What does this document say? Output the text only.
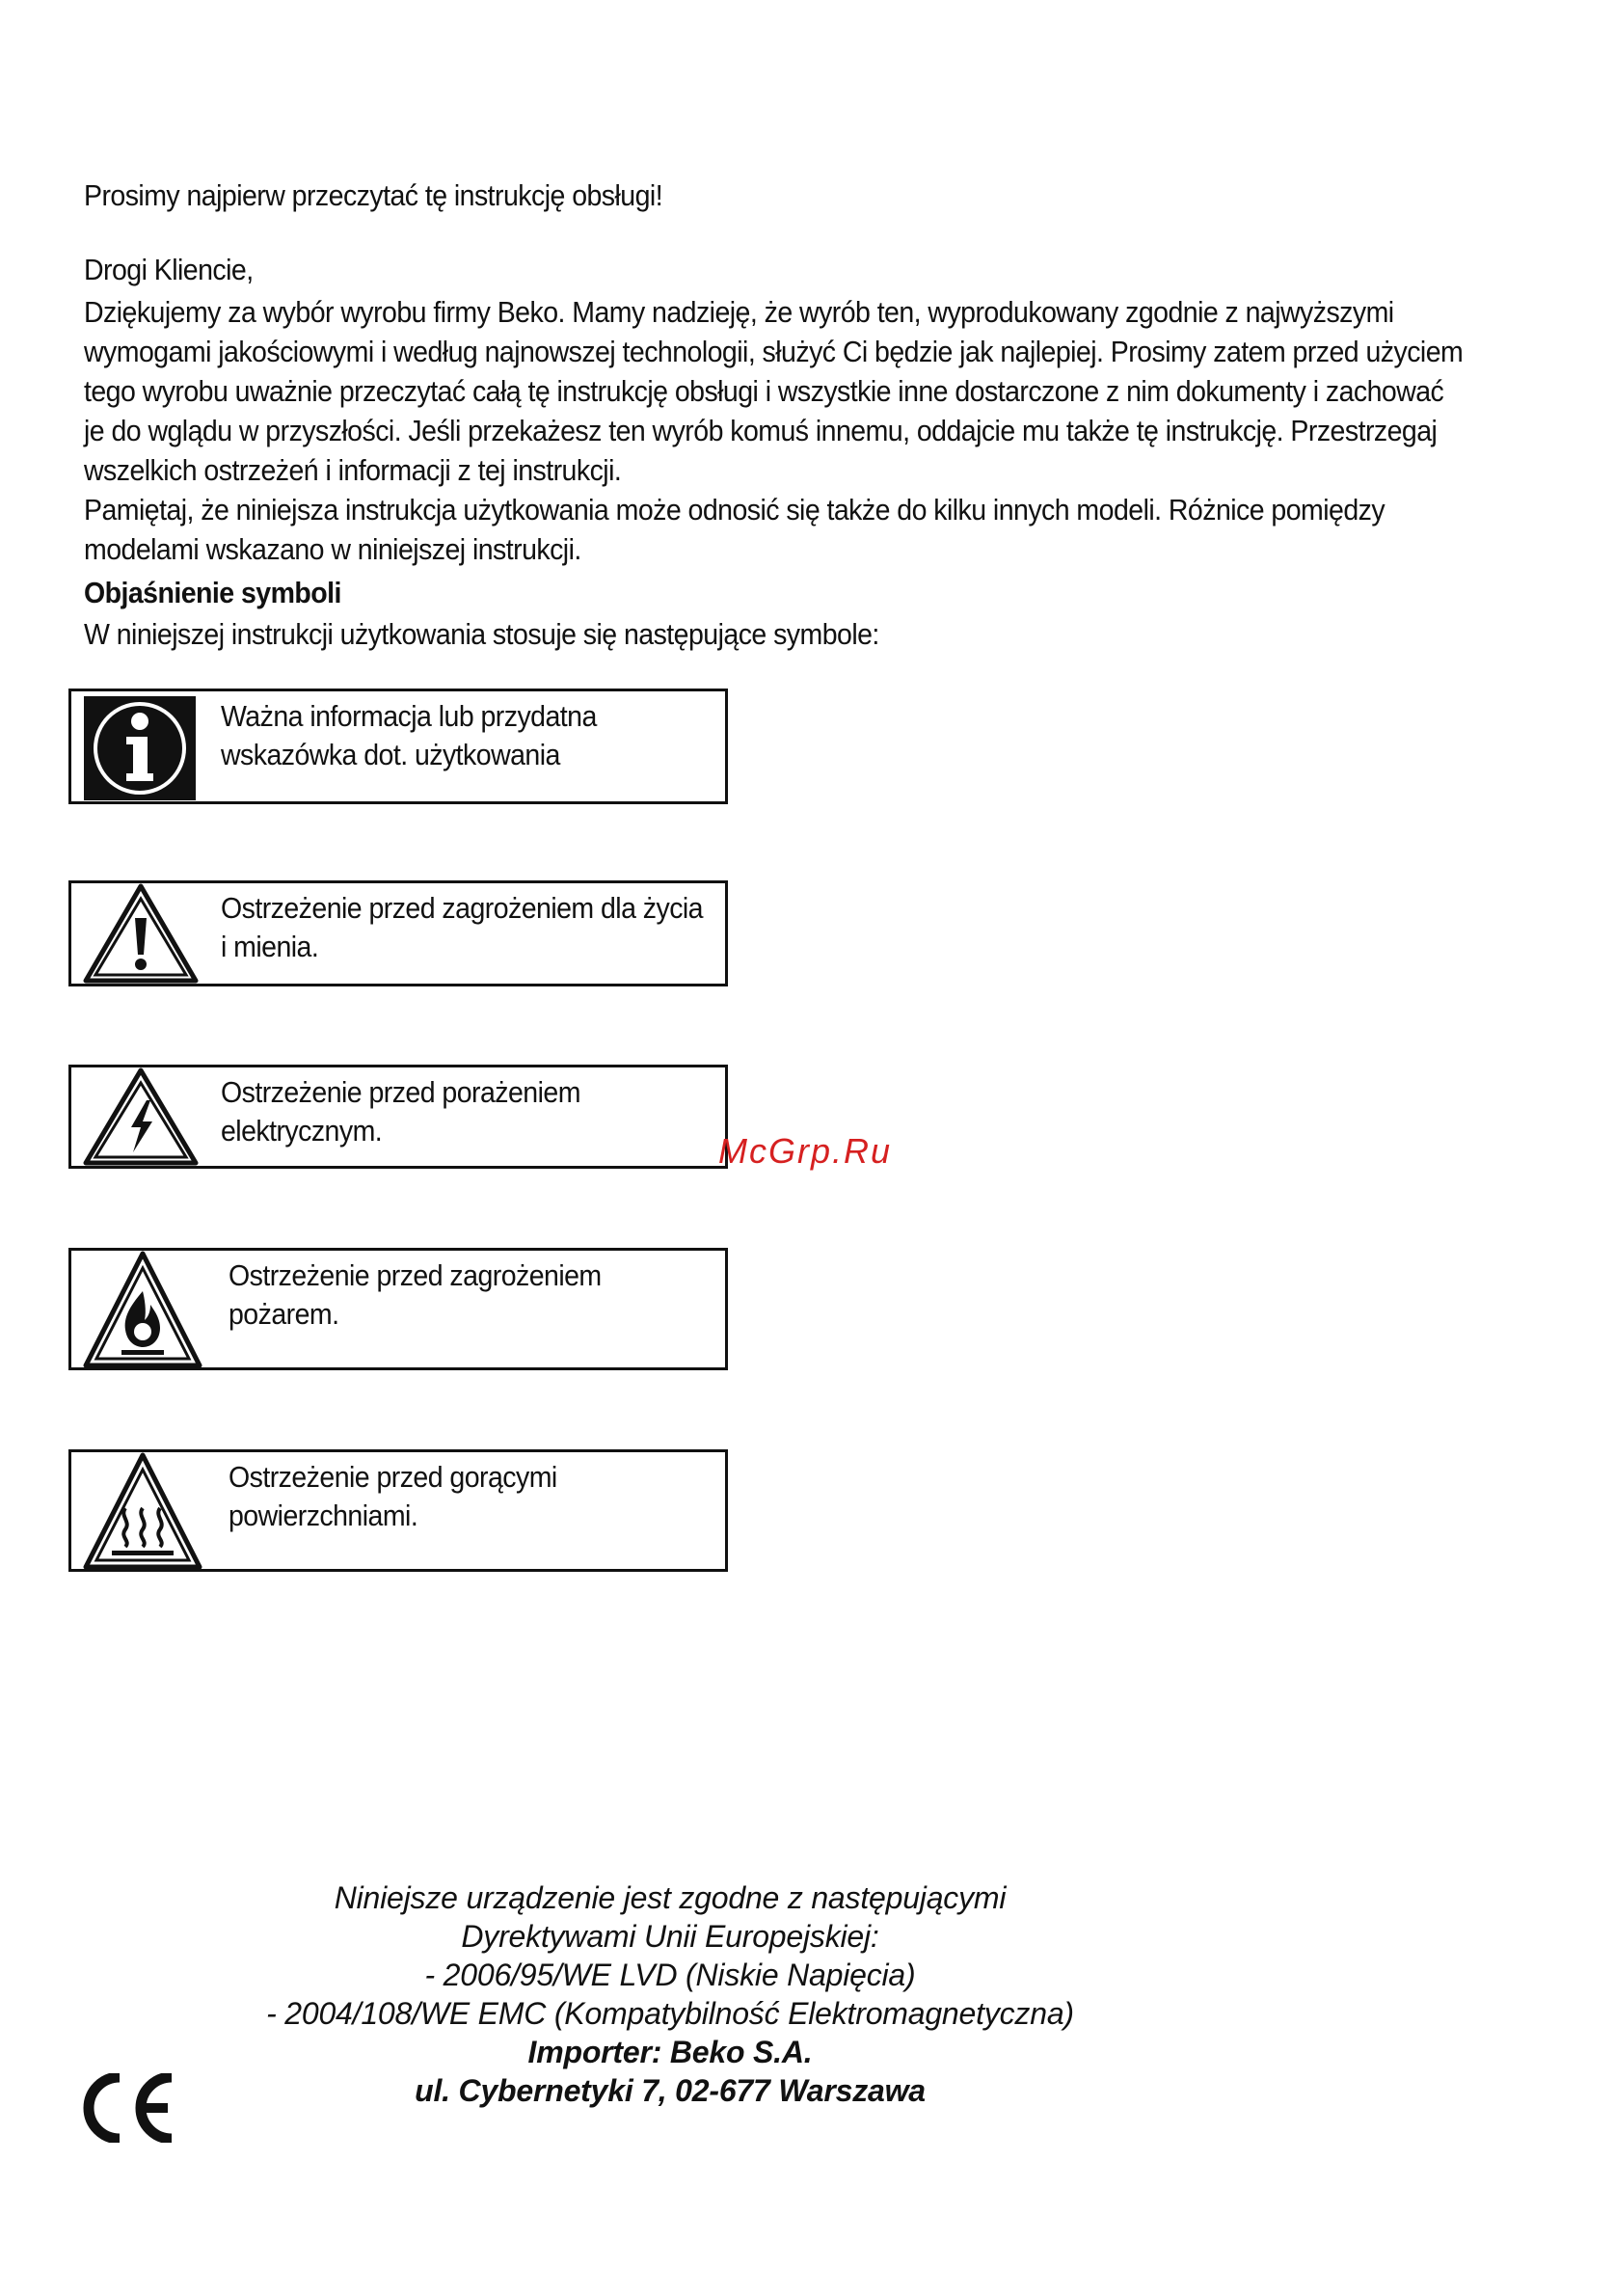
Prosimy najpierw przeczytać tę instrukcję obsługi!
Drogi Kliencie,

Dziękujemy za wybór wyrobu firmy Beko. Mamy nadzieję, że wyrób ten, wyprodukowany zgodnie z najwyższymi

wymogami jakościowymi i według najnowszej technologii, służyć Ci będzie jak najlepiej. Prosimy zatem przed użyciem

tego wyrobu uważnie przeczytać całą tę instrukcję obsługi i wszystkie inne dostarczone z nim dokumenty i zachować

je do wglądu w przyszłości. Jeśli przekażesz ten wyrób komuś innemu, oddajcie mu także tę instrukcję. Przestrzegaj

wszelkich ostrzeżeń i informacji z tej instrukcji.

Pamiętaj, że niniejsza instrukcja użytkowania może odnosić się także do kilku innych modeli. Różnice pomiędzy

modelami wskazano w niniejszej instrukcji.

Objaśnienie symboli
W niniejszej instrukcji użytkowania stosuje się następujące symbole:
Ważna informacja lub przydatna
wskazówka dot. użytkowania
Ostrzeżenie przed zagrożeniem dla życia
i mienia.
Ostrzeżenie przed porażeniem
elektrycznym.
Ostrzeżenie przed zagrożeniem
pożarem.
Ostrzeżenie przed gorącymi
powierzchniami.
McGrp.Ru
Niniejsze urządzenie jest zgodne z następującymi
Dyrektywami Unii Europejskiej:
- 2006/95/WE LVD (Niskie Napięcia)
- 2004/108/WE EMC (Kompatybilność Elektromagnetyczna)
Importer: Beko S.A.
ul. Cybernetyki 7, 02-677 Warszawa
